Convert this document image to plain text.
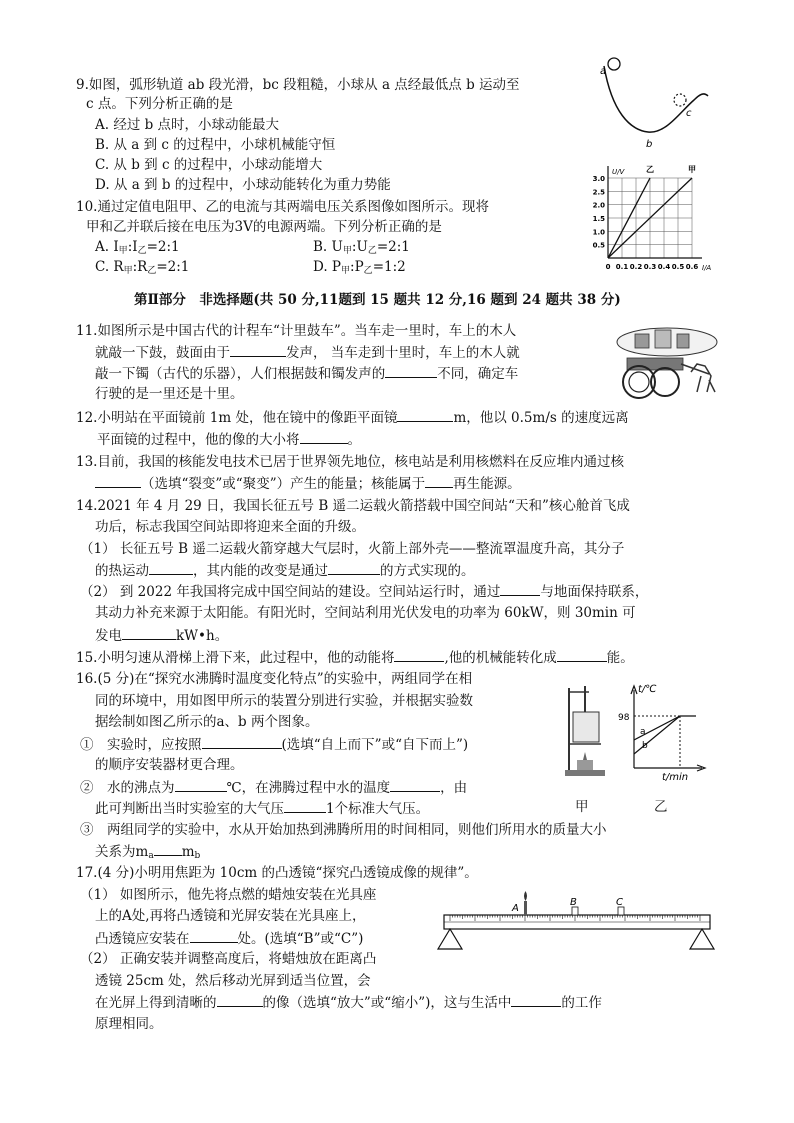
9.如图，弧形轨道 ab 段光滑，bc 段粗糙，小球从 a 点经最低点 b 运动至
c 点。下列分析正确的是
A. 经过 b 点时，小球动能最大
B. 从 a 到 c 的过程中，小球机械能守恒
C. 从 b 到 c 的过程中，小球动能增大
D. 从 a 到 b 的过程中，小球动能转化为重力势能
a
b
c
10.通过定值电阻甲、乙的电流与其两端电压关系图像如图所示。现将
甲和乙并联后接在电压为3V的电源两端。下列分析正确的是
A. $I_甲:I_乙=2:1$	B. $U_甲:U_乙=2:1$
C. $R_甲:R_乙=2:1$	D. $P_甲:P_乙=1:2$	0 0.1 0.2 0.3 0.4 0.5 0.6
0.5
1.0
1.5
2.0
2.5
3.0
U/V
I/A
乙	甲
第Ⅱ部分　非选择题(共 50 分,11题到 15 题共 12 分,16 题到 24 题共 38 分)
11.如图所示是中国古代的计程车“计里鼓车”。当车走一里时，车上的木人
就敲一下鼓，鼓面由于	发声， 当车走到十里时，车上的木人就
敲一下镯（古代的乐器），人们根据鼓和镯发声的	不同，确定车
行驶的是一里还是十里。
12.小明站在平面镜前 1m 处，他在镜中的像距平面镜	m，他以 0.5m/s 的速度远离
平面镜的过程中，他的像的大小将	。
13.目前，我国的核能发电技术已居于世界领先地位，核电站是利用核燃料在反应堆内通过核
（选填“裂变”或“聚变”）产生的能量；核能属于 再生能源。
14.2021 年 4 月 29 日，我国长征五号 B 遥二运载火箭搭载中国空间站“天和”核心舱首飞成
功后，标志我国空间站即将迎来全面的升级。
（1） 长征五号 B 遥二运载火箭穿越大气层时，火箭上部外壳——整流罩温度升高，其分子
的热运动	，其内能的改变是通过	的方式实现的。
（2） 到 2022 年我国将完成中国空间站的建设。空间站运行时，通过	与地面保持联系，
其动力补充来源于太阳能。有阳光时，空间站利用光伏发电的功率为 60kW，则 30min 可
发电	kW•h。
15.小明匀速从滑梯上滑下来，此过程中，他的动能将	,他的机械能转化成	能。
16.(5 分)在“探究水沸腾时温度变化特点”的实验中，两组同学在相
同的环境中，用如图甲所示的装置分别进行实验，并根据实验数
据绘制如图乙所示的a、b 两个图象。
①　实验时，应按照	(选填“自上而下”或“自下而上”)
的顺序安装器材更合理。
②　水的沸点为	℃，在沸腾过程中水的温度	，由
此可判断出当时实验室的大气压	1个标准大气压。
③　两组同学的实验中，水从开始加热到沸腾所用的时间相同，则他们所用水的质量大小
关系为$m_a$ $m_b$
t/℃
t/min
98
a
b
甲	乙
17.(4 分)小明用焦距为 10cm 的凸透镜“探究凸透镜成像的规律”。
（1） 如图所示，他先将点燃的蜡烛安装在光具座
上的A处,再将凸透镜和光屏安装在光具座上，
凸透镜应安装在	处。(选填“B”或“C”)
（2） 正确安装并调整高度后，将蜡烛放在距离凸
透镜 25cm 处，然后移动光屏到适当位置，会
在光屏上得到清晰的	的像（选填“放大”或“缩小”)，这与生活中	的工作
原理相同。
A
B	C
